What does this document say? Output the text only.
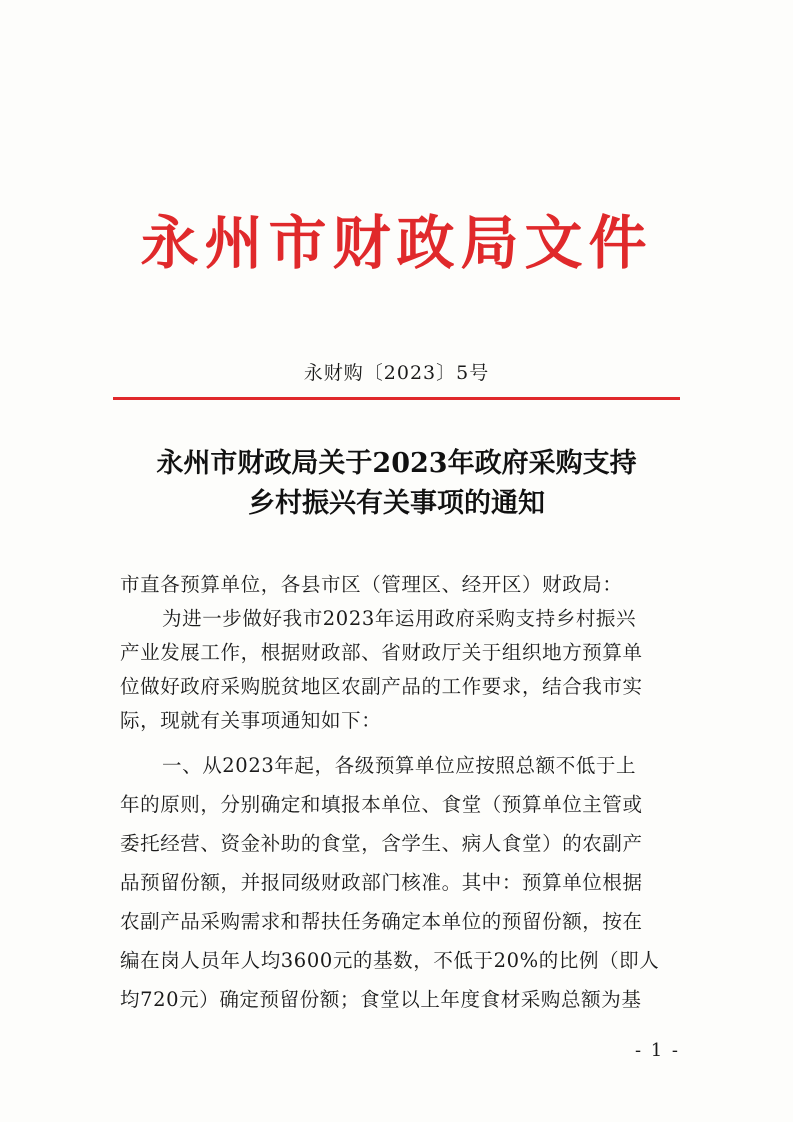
永州市财政局文件
永财购〔2023〕5号
永州市财政局关于2023年政府采购支持
乡村振兴有关事项的通知
市直各预算单位，各县市区（管理区、经开区）财政局：
为进一步做好我市2023年运用政府采购支持乡村振兴
产业发展工作，根据财政部、省财政厅关于组织地方预算单
位做好政府采购脱贫地区农副产品的工作要求，结合我市实
际，现就有关事项通知如下：
一、从2023年起，各级预算单位应按照总额不低于上
年的原则，分别确定和填报本单位、食堂（预算单位主管或
委托经营、资金补助的食堂，含学生、病人食堂）的农副产
品预留份额，并报同级财政部门核准。其中：预算单位根据
农副产品采购需求和帮扶任务确定本单位的预留份额，按在
编在岗人员年人均3600元的基数，不低于20%的比例（即人
均720元）确定预留份额；食堂以上年度食材采购总额为基
- 1 -
